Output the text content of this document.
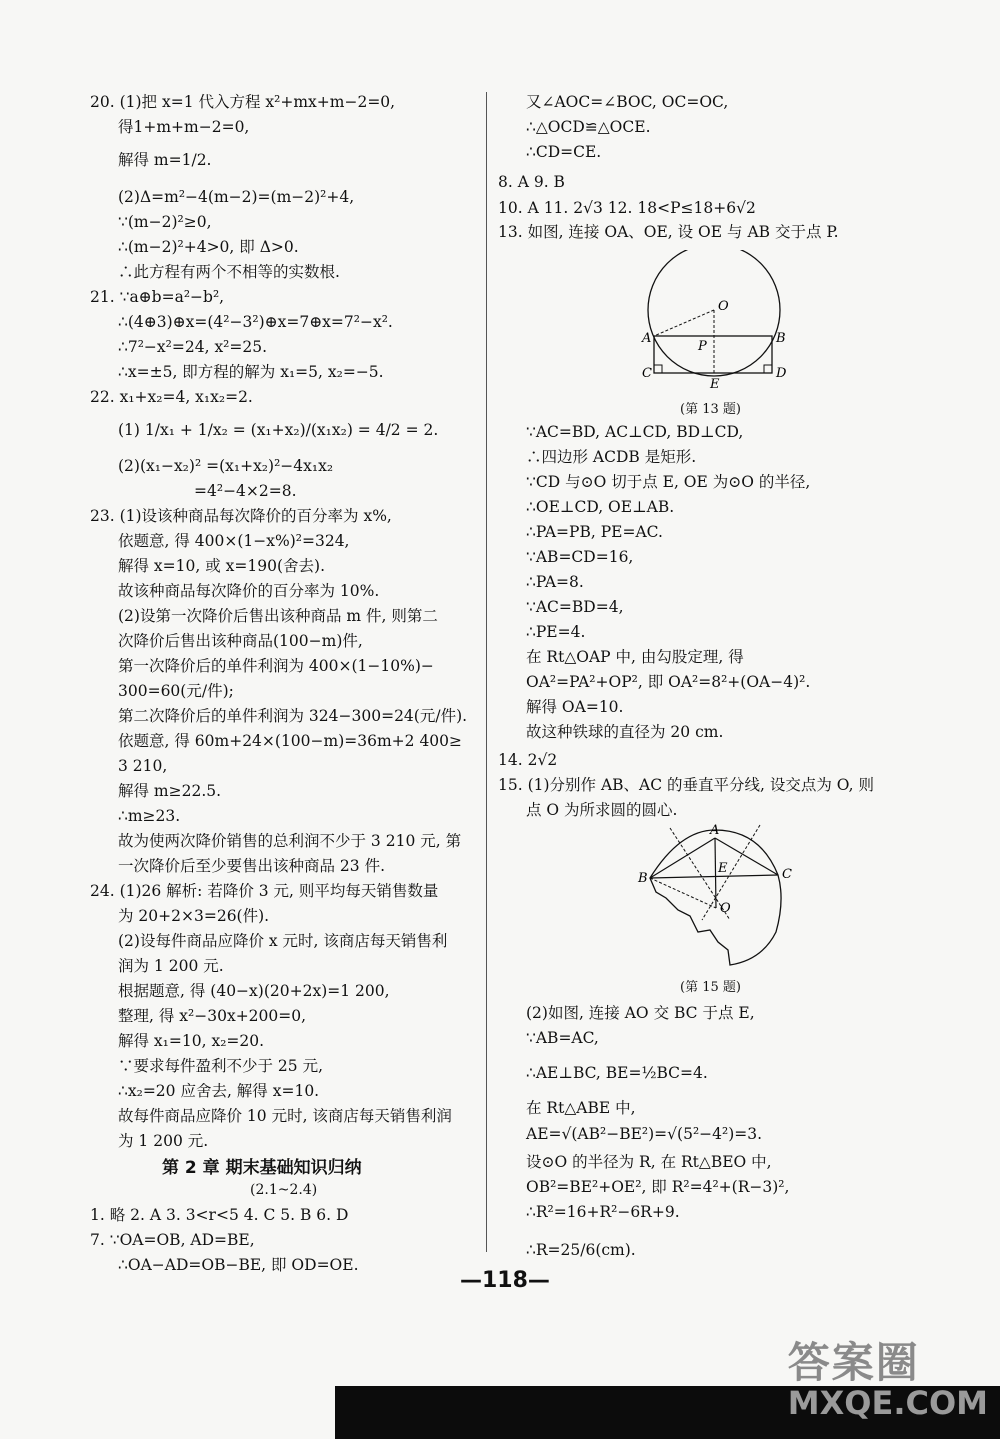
20. (1)把 x=1 代入方程 x²+mx+m−2=0,
得1+m+m−2=0,
解得 m=1/2.
(2)Δ=m²−4(m−2)=(m−2)²+4,
∵(m−2)²≥0,
∴(m−2)²+4>0, 即 Δ>0.
∴此方程有两个不相等的实数根.
21. ∵a⊕b=a²−b²,
∴(4⊕3)⊕x=(4²−3²)⊕x=7⊕x=7²−x².
∴7²−x²=24, x²=25.
∴x=±5, 即方程的解为 x₁=5, x₂=−5.
22. x₁+x₂=4, x₁x₂=2.
(1) 1/x₁ + 1/x₂ = (x₁+x₂)/(x₁x₂) = 4/2 = 2.
(2)(x₁−x₂)² =(x₁+x₂)²−4x₁x₂
=4²−4×2=8.
23. (1)设该种商品每次降价的百分率为 x%,
依题意, 得 400×(1−x%)²=324,
解得 x=10, 或 x=190(舍去).
故该种商品每次降价的百分率为 10%.
(2)设第一次降价后售出该种商品 m 件, 则第二
次降价后售出该种商品(100−m)件,
第一次降价后的单件利润为 400×(1−10%)−
300=60(元/件);
第二次降价后的单件利润为 324−300=24(元/件).
依题意, 得 60m+24×(100−m)=36m+2 400≥
3 210,
解得 m≥22.5.
∴m≥23.
故为使两次降价销售的总利润不少于 3 210 元, 第
一次降价后至少要售出该种商品 23 件.
24. (1)26 解析: 若降价 3 元, 则平均每天销售数量
为 20+2×3=26(件).
(2)设每件商品应降价 x 元时, 该商店每天销售利
润为 1 200 元.
根据题意, 得 (40−x)(20+2x)=1 200,
整理, 得 x²−30x+200=0,
解得 x₁=10, x₂=20.
∵要求每件盈利不少于 25 元,
∴x₂=20 应舍去, 解得 x=10.
故每件商品应降价 10 元时, 该商店每天销售利润
为 1 200 元.
1. 略 2. A 3. 3<r<5 4. C 5. B 6. D
7. ∵OA=OB, AD=BE,
∴OA−AD=OB−BE, 即 OD=OE.
又∠AOC=∠BOC, OC=OC,
∴△OCD≌△OCE.
∴CD=CE.
8. A 9. B
10. A 11. 2√3 12. 18<P≤18+6√2
13. 如图, 连接 OA、OE, 设 OE 与 AB 交于点 P.
∵AC=BD, AC⊥CD, BD⊥CD,
∴四边形 ACDB 是矩形.
∵CD 与⊙O 切于点 E, OE 为⊙O 的半径,
∴OE⊥CD, OE⊥AB.
∴PA=PB, PE=AC.
∵AB=CD=16,
∴PA=8.
∵AC=BD=4,
∴PE=4.
在 Rt△OAP 中, 由勾股定理, 得
OA²=PA²+OP², 即 OA²=8²+(OA−4)².
解得 OA=10.
故这种铁球的直径为 20 cm.
14. 2√2
15. (1)分别作 AB、AC 的垂直平分线, 设交点为 O, 则
点 O 为所求圆的圆心.
(2)如图, 连接 AO 交 BC 于点 E,
∵AB=AC,
∴AE⊥BC, BE=½BC=4.
在 Rt△ABE 中,
AE=√(AB²−BE²)=√(5²−4²)=3.
设⊙O 的半径为 R, 在 Rt△BEO 中,
OB²=BE²+OE², 即 R²=4²+(R−3)²,
∴R²=16+R²−6R+9.
∴R=25/6(cm).
第 2 章 期末基础知识归纳
(2.1~2.4)
O
A	B
C	D
E
P
(第 13 题)
A
B	C
E
O
(第 15 题)
—118—
答案圈
MXQE.COM
